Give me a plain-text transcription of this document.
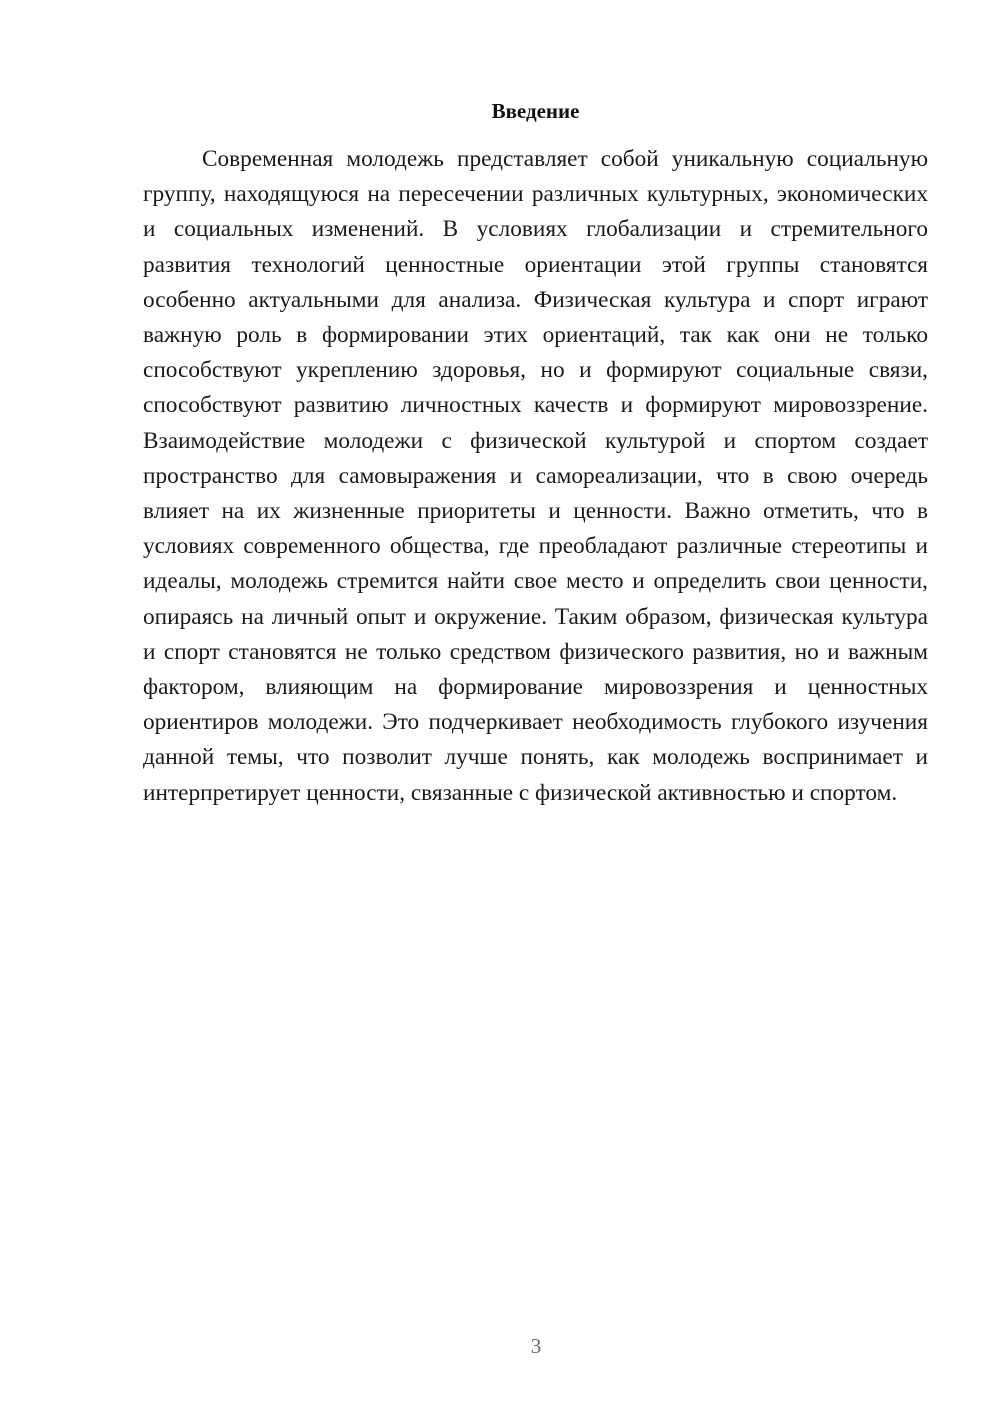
Введение

Современная молодежь представляет собой уникальную социальную группу, находящуюся на пересечении различных культурных, экономических и социальных изменений. В условиях глобализации и стремительного развития технологий ценностные ориентации этой группы становятся особенно актуальными для анализа. Физическая культура и спорт играют важную роль в формировании этих ориентаций, так как они не только способствуют укреплению здоровья, но и формируют социальные связи, способствуют развитию личностных качеств и формируют мировоззрение. Взаимодействие молодежи с физической культурой и спортом создает пространство для самовыражения и самореализации, что в свою очередь влияет на их жизненные приоритеты и ценности. Важно отметить, что в условиях современного общества, где преобладают различные стереотипы и идеалы, молодежь стремится найти свое место и определить свои ценности, опираясь на личный опыт и окружение. Таким образом, физическая культура и спорт становятся не только средством физического развития, но и важным фактором, влияющим на формирование мировоззрения и ценностных ориентиров молодежи. Это подчеркивает необходимость глубокого изучения данной темы, что позволит лучше понять, как молодежь воспринимает и интерпретирует ценности, связанные с физической активностью и спортом.

3
